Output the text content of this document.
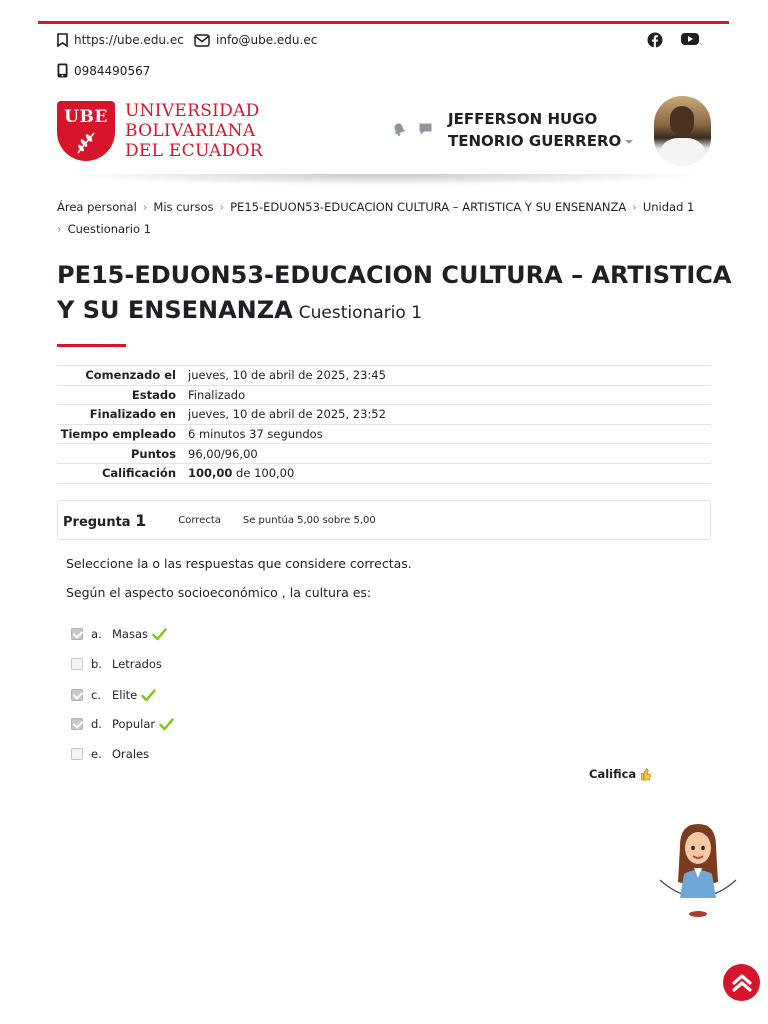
https://ube.edu.ec	info@ube.edu.ec
0984490567
UBE	UNIVERSIDAD
BOLIVARIANA
DEL ECUADOR
JEFFERSON HUGO
TENORIO GUERRERO
Área personal › Mis cursos › PE15-EDUON53-EDUCACION CULTURA – ARTISTICA Y SU ENSENANZA › Unidad 1
› Cuestionario 1
PE15-EDUON53-EDUCACION CULTURA – ARTISTICA Y SU ENSENANZA Cuestionario 1
Comenzado el	jueves, 10 de abril de 2025, 23:45
Estado	Finalizado
Finalizado en	jueves, 10 de abril de 2025, 23:52
Tiempo empleado	6 minutos 37 segundos
Puntos	96,00/96,00
Calificación	100,00 de 100,00
Pregunta 1	Correcta Se puntúa 5,00 sobre 5,00
Seleccione la o las respuestas que considere correctas.
Según el aspecto socioeconómico , la cultura es:
a. Masas
b. Letrados
c. Elite
d. Popular
e. Orales
Califica
